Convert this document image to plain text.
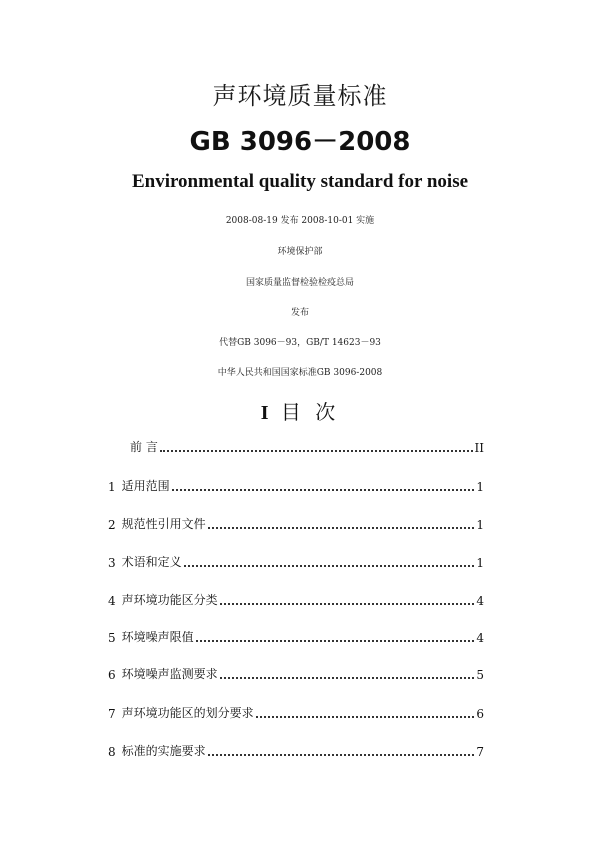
声环境质量标准
GB 3096－2008
Environmental quality standard for noise
2008-08-19 发布 2008-10-01 实施
环境保护部
国家质量监督检验检疫总局
发布
代替GB 3096－93，GB/T 14623－93
中华人民共和国国家标准GB 3096-2008
I 目 次
前 言	II
1 适用范围	1
2 规范性引用文件	1
3 术语和定义	1
4 声环境功能区分类	4
5 环境噪声限值	4
6 环境噪声监测要求	5
7 声环境功能区的划分要求	6
8 标准的实施要求	7
